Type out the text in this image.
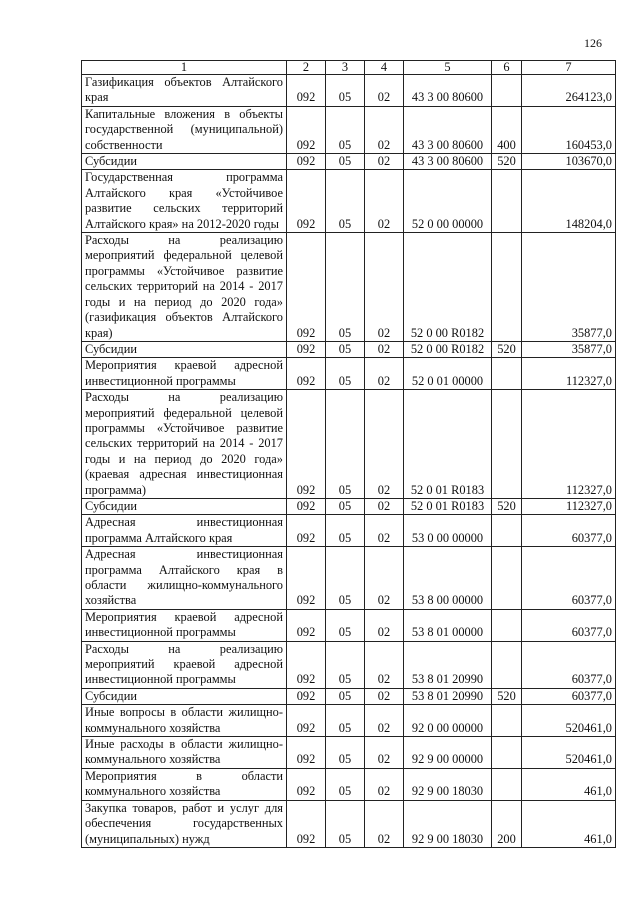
126
1	2	3	4	5	6	7
Газификация объектов Алтайского края	092	05	02	43 3 00 80600		264123,0
Капитальные вложения в объекты государственной (муниципальной) собственности	092	05	02	43 3 00 80600	400	160453,0
Субсидии	092	05	02	43 3 00 80600	520	103670,0
Государственная программа Алтайского края «Устойчивое развитие сельских территорий Алтайского края» на 2012-2020 годы	092	05	02	52 0 00 00000		148204,0
Расходы на реализацию мероприятий федеральной целевой программы «Устойчивое развитие сельских территорий на 2014 - 2017 годы и на период до 2020 года» (газификация объектов Алтайского края)	092	05	02	52 0 00 R0182		35877,0
Субсидии	092	05	02	52 0 00 R0182	520	35877,0
Мероприятия краевой адресной инвестиционной программы	092	05	02	52 0 01 00000		112327,0
Расходы на реализацию мероприятий федеральной целевой программы «Устойчивое развитие сельских территорий на 2014 - 2017 годы и на период до 2020 года» (краевая адресная инвестиционная программа)	092	05	02	52 0 01 R0183		112327,0
Субсидии	092	05	02	52 0 01 R0183	520	112327,0
Адресная инвестиционная программа Алтайского края	092	05	02	53 0 00 00000		60377,0
Адресная инвестиционная программа Алтайского края в области жилищно-коммунального хозяйства	092	05	02	53 8 00 00000		60377,0
Мероприятия краевой адресной инвестиционной программы	092	05	02	53 8 01 00000		60377,0
Расходы на реализацию мероприятий краевой адресной инвестиционной программы	092	05	02	53 8 01 20990		60377,0
Субсидии	092	05	02	53 8 01 20990	520	60377,0
Иные вопросы в области жилищно-коммунального хозяйства	092	05	02	92 0 00 00000		520461,0
Иные расходы в области жилищно-коммунального хозяйства	092	05	02	92 9 00 00000		520461,0
Мероприятия в области коммунального хозяйства	092	05	02	92 9 00 18030		461,0
Закупка товаров, работ и услуг для обеспечения государственных (муниципальных) нужд	092	05	02	92 9 00 18030	200	461,0
